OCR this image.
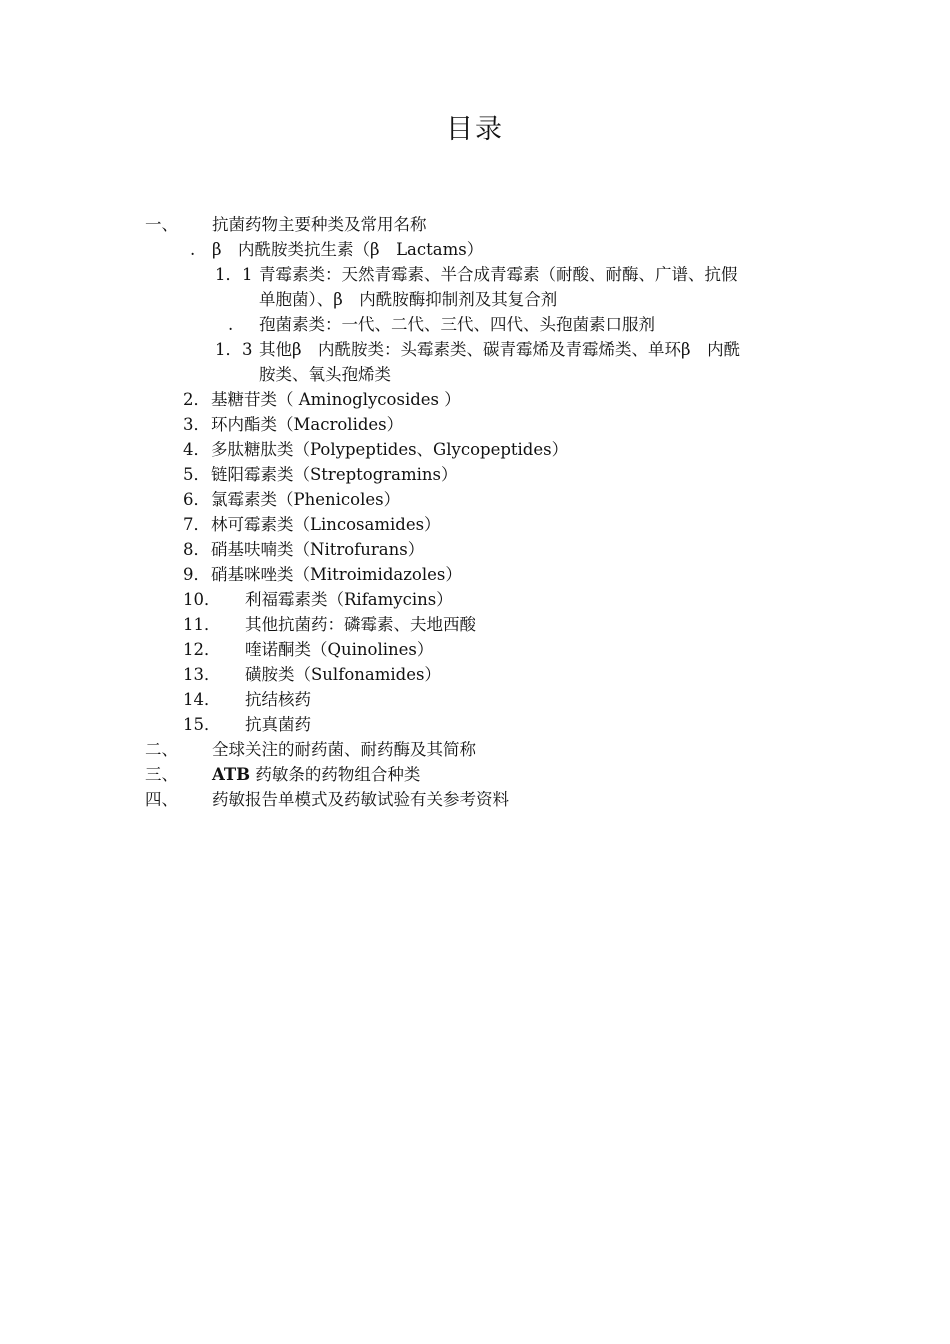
目录
一、	抗菌药物主要种类及常用名称
.	β　内酰胺类抗生素（β　Lactams）
1．1 青霉素类：天然青霉素、半合成青霉素（耐酸、耐酶、广谱、抗假
单胞菌）、β　内酰胺酶抑制剂及其复合剂
.	孢菌素类：一代、二代、三代、四代、头孢菌素口服剂
1．3 其他β　内酰胺类：头霉素类、碳青霉烯及青霉烯类、单环β　内酰
胺类、氧头孢烯类
2． 基糖苷类（ Aminoglycosides ）
3． 环内酯类（Macrolides）
4． 多肽糖肽类（Polypeptides、Glycopeptides）
5． 链阳霉素类（Streptogramins）
6． 氯霉素类（Phenicoles）
7． 林可霉素类（Lincosamides）
8． 硝基呋喃类（Nitrofurans）
9． 硝基咪唑类（Mitroimidazoles）
10．	利福霉素类（Rifamycins）
11．	其他抗菌药：磷霉素、夫地西酸
12．	喹诺酮类（Quinolines）
13．	磺胺类（Sulfonamides）
14．	抗结核药
15．	抗真菌药
二、	全球关注的耐药菌、耐药酶及其简称
三、	ATB 药敏条的药物组合种类
四、	药敏报告单模式及药敏试验有关参考资料
